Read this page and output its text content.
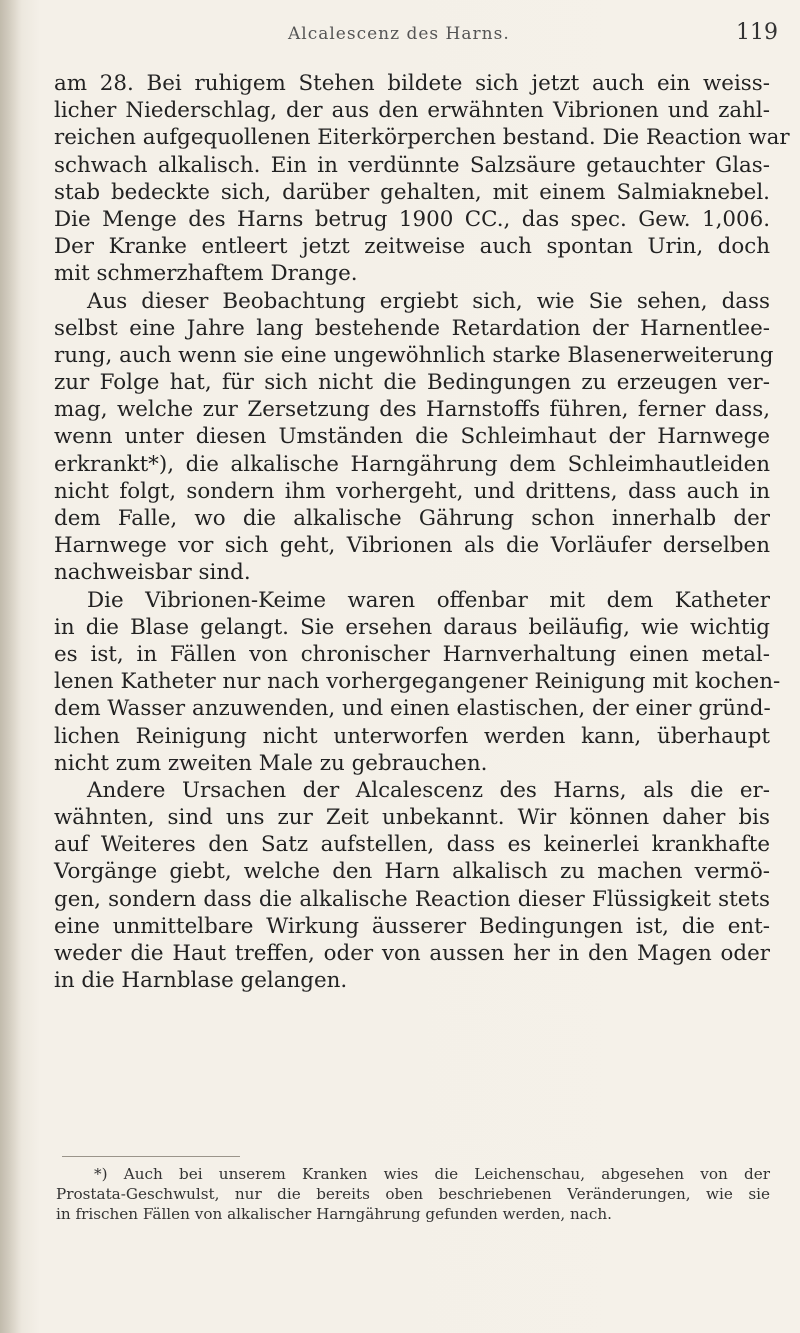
Alcalescenz des Harns.	119
am 28. Bei ruhigem Stehen bildete sich jetzt auch ein weiss-
licher Niederschlag, der aus den erwähnten Vibrionen und zahl-
reichen aufgequollenen Eiterkörperchen bestand. Die Reaction war
schwach alkalisch. Ein in verdünnte Salzsäure getauchter Glas-
stab bedeckte sich, darüber gehalten, mit einem Salmiaknebel.
Die Menge des Harns betrug 1900 CC., das spec. Gew. 1,006.
Der Kranke entleert jetzt zeitweise auch spontan Urin, doch
mit schmerzhaftem Drange.
Aus dieser Beobachtung ergiebt sich, wie Sie sehen, dass
selbst eine Jahre lang bestehende Retardation der Harnentlee-
rung, auch wenn sie eine ungewöhnlich starke Blasenerweiterung
zur Folge hat, für sich nicht die Bedingungen zu erzeugen ver-
mag, welche zur Zersetzung des Harnstoffs führen, ferner dass,
wenn unter diesen Umständen die Schleimhaut der Harnwege
erkrankt*), die alkalische Harngährung dem Schleimhautleiden
nicht folgt, sondern ihm vorhergeht, und drittens, dass auch in
dem Falle, wo die alkalische Gährung schon innerhalb der
Harnwege vor sich geht, Vibrionen als die Vorläufer derselben
nachweisbar sind.
Die Vibrionen-Keime waren offenbar mit dem Katheter
in die Blase gelangt. Sie ersehen daraus beiläufig, wie wichtig
es ist, in Fällen von chronischer Harnverhaltung einen metal-
lenen Katheter nur nach vorhergegangener Reinigung mit kochen-
dem Wasser anzuwenden, und einen elastischen, der einer gründ-
lichen Reinigung nicht unterworfen werden kann, überhaupt
nicht zum zweiten Male zu gebrauchen.
Andere Ursachen der Alcalescenz des Harns, als die er-
wähnten, sind uns zur Zeit unbekannt. Wir können daher bis
auf Weiteres den Satz aufstellen, dass es keinerlei krankhafte
Vorgänge giebt, welche den Harn alkalisch zu machen vermö-
gen, sondern dass die alkalische Reaction dieser Flüssigkeit stets
eine unmittelbare Wirkung äusserer Bedingungen ist, die ent-
weder die Haut treffen, oder von aussen her in den Magen oder
in die Harnblase gelangen.
*) Auch bei unserem Kranken wies die Leichenschau, abgesehen von der
Prostata-Geschwulst, nur die bereits oben beschriebenen Veränderungen, wie sie
in frischen Fällen von alkalischer Harngährung gefunden werden, nach.
